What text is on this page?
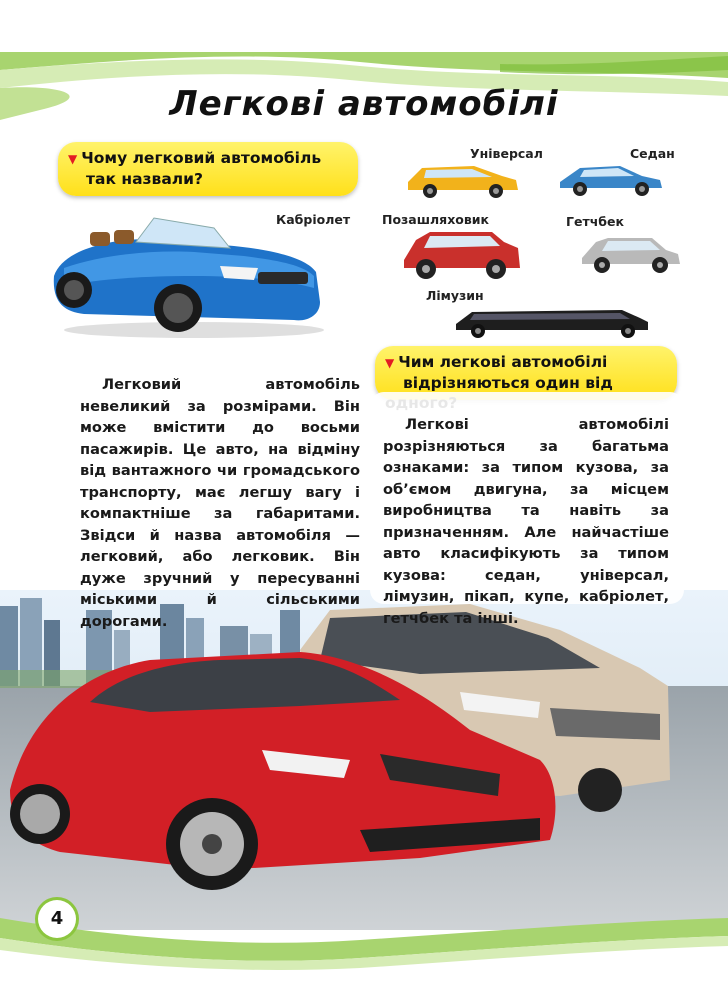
Легкові автомобілі
▼ Чому легковий автомобіль
так назвали?
Кабріолет
Універсал	Седан
Позашляховик	Гетчбек
Лімузин
Легковий автомобіль невеликий за розмірами. Він може вмістити до восьми пасажирів. Це авто, на відміну від вантажного чи громадського транспорту, має легшу вагу і компактніше за габаритами. Звідси й назва автомобіля — легковий, або легковик. Він дуже зручний у пересуванні міськими й сільськими дорогами.
▼ Чим легкові автомобілі
відрізняються один від
Легкові автомобілі розрізняються за багатьма ознаками: за типом кузова, за об’ємом двигуна, за місцем виробництва та навіть за призначенням. Але найчастіше авто класифікують за типом кузова: седан, універсал, лімузин, пікап, купе, кабріолет, гетчбек та інші.
4
